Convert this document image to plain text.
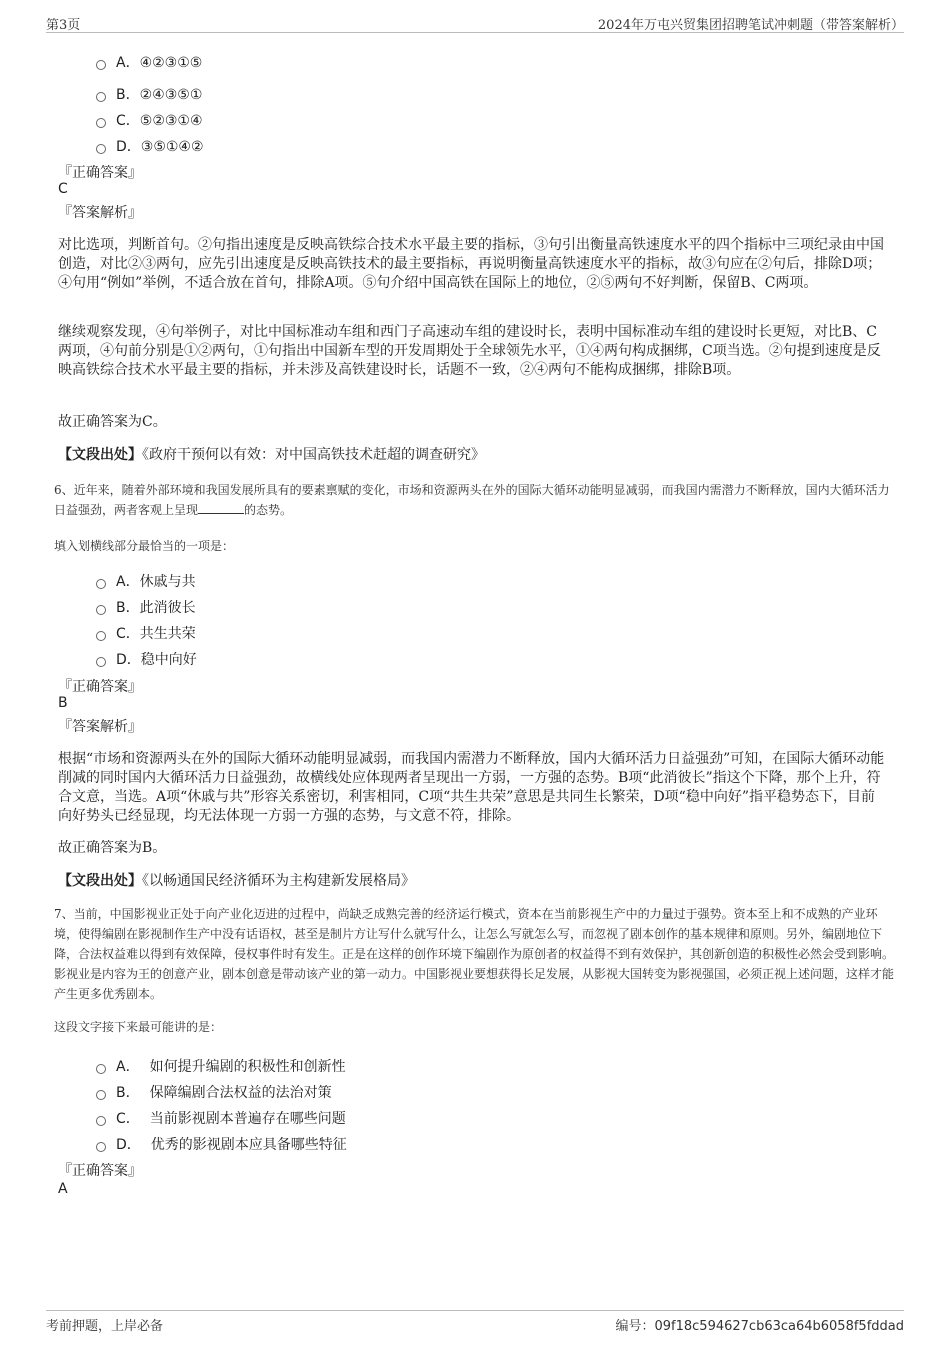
第3页	2024年万屯兴贸集团招聘笔试冲刺题（带答案解析）
A．④②③①⑤
B．②④③⑤①
C．⑤②③①④
D．③⑤①④②
『正确答案』
C
『答案解析』
对比选项，判断首句。②句指出速度是反映高铁综合技术水平最主要的指标，③句引出衡量高铁速度水平的四个指标中三项纪录由中国创造，对比②③两句，应先引出速度是反映高铁技术的最主要指标，再说明衡量高铁速度水平的指标，故③句应在②句后，排除D项；④句用“例如”举例，不适合放在首句，排除A项。⑤句介绍中国高铁在国际上的地位，②⑤两句不好判断，保留B、C两项。
继续观察发现，④句举例子，对比中国标准动车组和西门子高速动车组的建设时长，表明中国标准动车组的建设时长更短，对比B、C两项，④句前分别是①②两句，①句指出中国新车型的开发周期处于全球领先水平，①④两句构成捆绑，C项当选。②句提到速度是反映高铁综合技术水平最主要的指标，并未涉及高铁建设时长，话题不一致，②④两句不能构成捆绑，排除B项。
故正确答案为C。
【文段出处】《政府干预何以有效：对中国高铁技术赶超的调查研究》
6、近年来，随着外部环境和我国发展所具有的要素禀赋的变化，市场和资源两头在外的国际大循环动能明显减弱，而我国内需潜力不断释放，国内大循环活力日益强劲，两者客观上呈现	的态势。
填入划横线部分最恰当的一项是：
A．休戚与共
B．此消彼长
C．共生共荣
D．稳中向好
『正确答案』
B
『答案解析』
根据“市场和资源两头在外的国际大循环动能明显减弱，而我国内需潜力不断释放，国内大循环活力日益强劲”可知，在国际大循环动能削减的同时国内大循环活力日益强劲，故横线处应体现两者呈现出一方弱，一方强的态势。B项“此消彼长”指这个下降，那个上升，符合文意，当选。A项“休戚与共”形容关系密切，利害相同，C项“共生共荣”意思是共同生长繁荣，D项“稳中向好”指平稳势态下，目前向好势头已经显现，均无法体现一方弱一方强的态势，与文意不符，排除。
故正确答案为B。
【文段出处】《以畅通国民经济循环为主构建新发展格局》
7、当前，中国影视业正处于向产业化迈进的过程中，尚缺乏成熟完善的经济运行模式，资本在当前影视生产中的力量过于强势。资本至上和不成熟的产业环境，使得编剧在影视制作生产中没有话语权，甚至是制片方让写什么就写什么，让怎么写就怎么写，而忽视了剧本创作的基本规律和原则。另外，编剧地位下降，合法权益难以得到有效保障，侵权事件时有发生。正是在这样的创作环境下编剧作为原创者的权益得不到有效保护，其创新创造的积极性必然会受到影响。影视业是内容为王的创意产业，剧本创意是带动该产业的第一动力。中国影视业要想获得长足发展，从影视大国转变为影视强国，必须正视上述问题，这样才能产生更多优秀剧本。
这段文字接下来最可能讲的是：
A． 如何提升编剧的积极性和创新性
B． 保障编剧合法权益的法治对策
C． 当前影视剧本普遍存在哪些问题
D． 优秀的影视剧本应具备哪些特征
『正确答案』
A
考前押题，上岸必备	编号：09f18c594627cb63ca64b6058f5fddad
